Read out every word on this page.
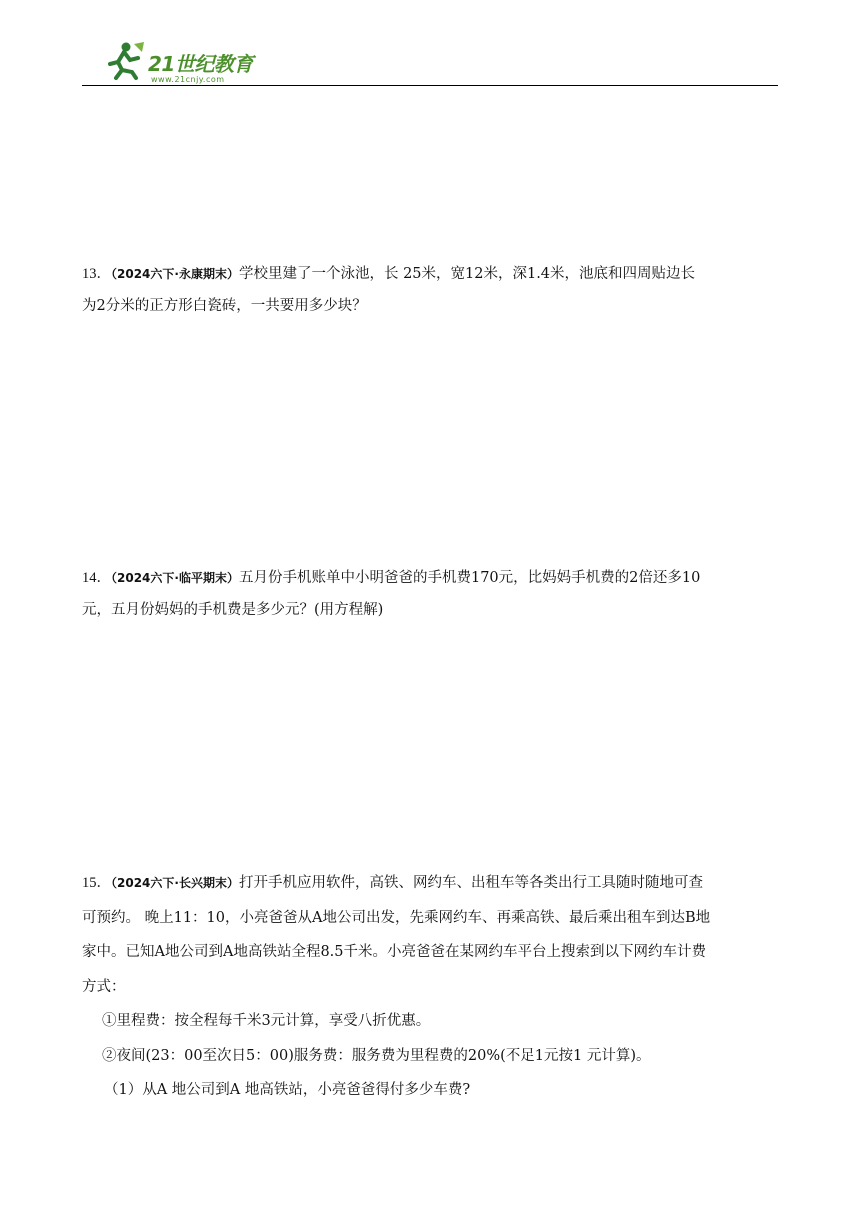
21世纪教育
www.21cnjy.com

13．（2024六下·永康期末）学校里建了一个泳池，长 25米，宽12米，深1.4米，池底和四周贴边长

为2分米的正方形白瓷砖，一共要用多少块？

14．（2024六下·临平期末）五月份手机账单中小明爸爸的手机费170元，比妈妈手机费的2倍还多10

元，五月份妈妈的手机费是多少元？(用方程解)

15．（2024六下·长兴期末）打开手机应用软件，高铁、网约车、出租车等各类出行工具随时随地可查

可预约。 晚上11：10，小亮爸爸从A地公司出发，先乘网约车、再乘高铁、最后乘出租车到达B地

家中。已知A地公司到A地高铁站全程8.5千米。小亮爸爸在某网约车平台上搜索到以下网约车计费

方式：

①里程费：按全程每千米3元计算，享受八折优惠。

②夜间(23：00至次日5：00)服务费：服务费为里程费的20%(不足1元按1 元计算)。

（1）从A 地公司到A 地高铁站，小亮爸爸得付多少车费?
